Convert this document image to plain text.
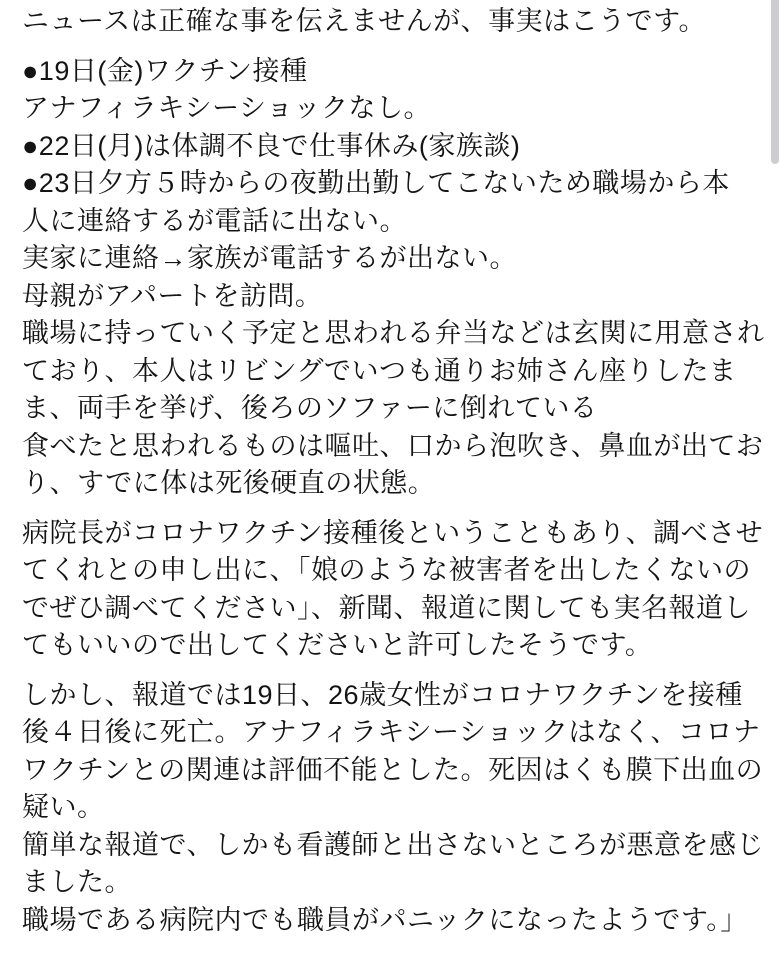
ニュースは正確な事を伝えませんが、事実はこうです。
●19日(金)ワクチン接種
アナフィラキシーショックなし。
●22日(月)は体調不良で仕事休み(家族談)
●23日夕方５時からの夜勤出勤してこないため職場から本
人に連絡するが電話に出ない。
実家に連絡→家族が電話するが出ない。
母親がアパートを訪問。
職場に持っていく予定と思われる弁当などは玄関に用意され
ており、本人はリビングでいつも通りお姉さん座りしたま
ま、両手を挙げ、後ろのソファーに倒れている
食べたと思われるものは嘔吐、口から泡吹き、鼻血が出てお
り、すでに体は死後硬直の状態。
病院長がコロナワクチン接種後ということもあり、調べさせ
てくれとの申し出に、「娘のような被害者を出したくないの
でぜひ調べてください」、新聞、報道に関しても実名報道し
てもいいので出してくださいと許可したそうです。
しかし、報道では19日、26歳女性がコロナワクチンを接種
後４日後に死亡。アナフィラキシーショックはなく、コロナ
ワクチンとの関連は評価不能とした。死因はくも膜下出血の
疑い。
簡単な報道で、しかも看護師と出さないところが悪意を感じ
ました。
職場である病院内でも職員がパニックになったようです。」
